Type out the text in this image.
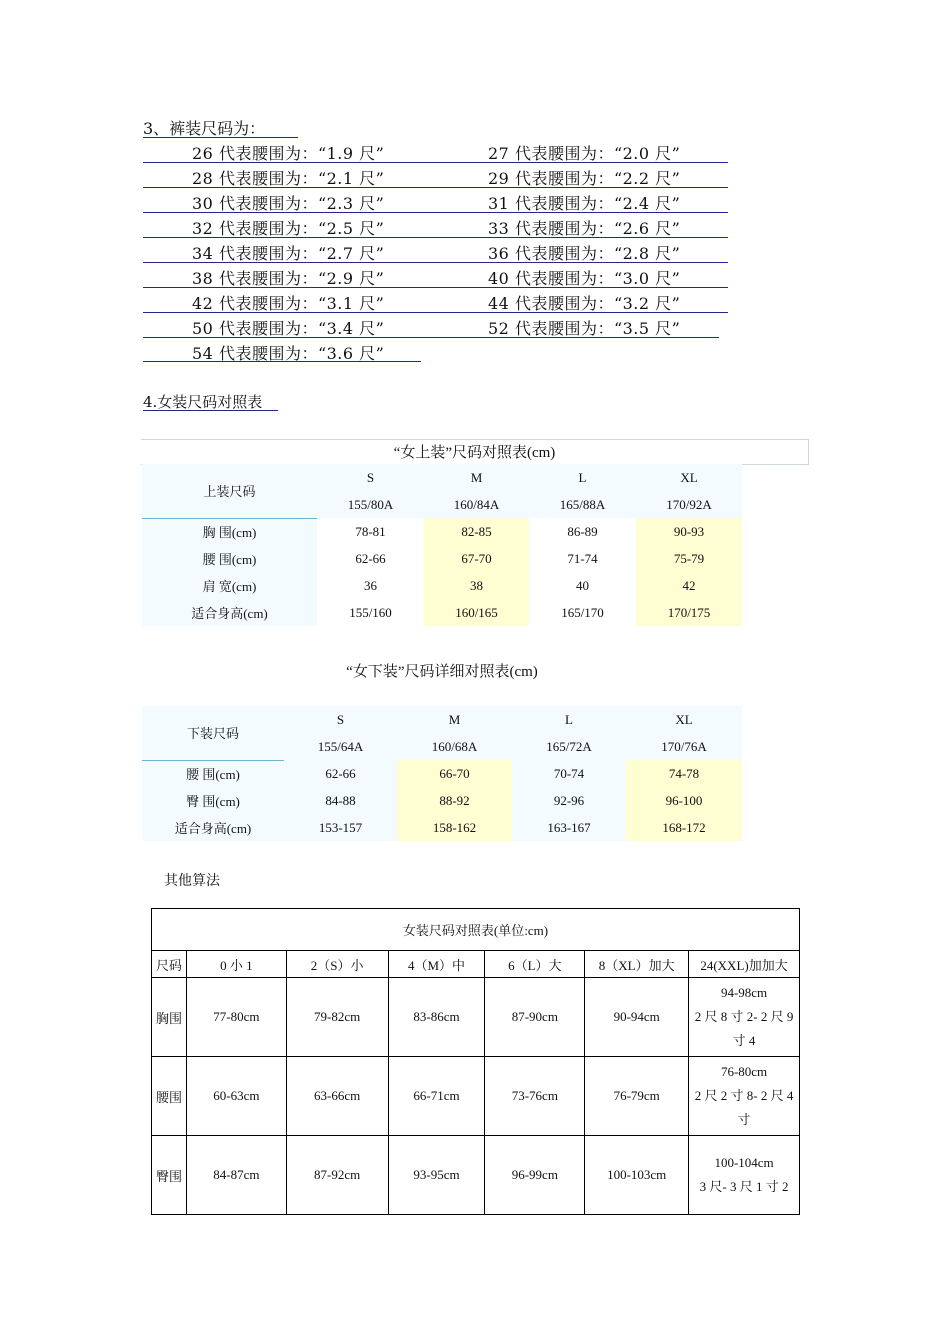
3、裤装尺码为：
26 代表腰围为：“1.9 尺”	27 代表腰围为：“2.0 尺”
28 代表腰围为：“2.1 尺”	29 代表腰围为：“2.2 尺”
30 代表腰围为：“2.3 尺”	31 代表腰围为：“2.4 尺”
32 代表腰围为：“2.5 尺”	33 代表腰围为：“2.6 尺”
34 代表腰围为：“2.7 尺”	36 代表腰围为：“2.8 尺”
38 代表腰围为：“2.9 尺”	40 代表腰围为：“3.0 尺”
42 代表腰围为：“3.1 尺”	44 代表腰围为：“3.2 尺”
50 代表腰围为：“3.4 尺”	52 代表腰围为：“3.5 尺”
54 代表腰围为：“3.6 尺”
4.女装尺码对照表
“女上装”尺码对照表(cm)
上装尺码	S	M	L	XL
	155/80A	160/84A	165/88A	170/92A
胸 围(cm)	78-81	82-85	86-89	90-93
腰 围(cm)	62-66	67-70	71-74	75-79
肩 宽(cm)	36	38	40	42
适合身高(cm)	155/160	160/165	165/170	170/175
“女下装”尺码详细对照表(cm)
下装尺码	S	M	L	XL
	155/64A	160/68A	165/72A	170/76A
腰 围(cm)	62-66	66-70	70-74	74-78
臀 围(cm)	84-88	88-92	92-96	96-100
适合身高(cm)	153-157	158-162	163-167	168-172
其他算法
女装尺码对照表(单位:cm)						
尺码	0 小 1	2（S）小	4（M）中	6（L）大	8（XL）加大	24(XXL)加加大
胸围	77-80cm	79-82cm	83-86cm	87-90cm	90-94cm	94-98cm
2 尺 8 寸 2- 2 尺 9
寸 4

腰围	60-63cm	63-66cm	66-71cm	73-76cm	76-79cm	76-80cm
2 尺 2 寸 8- 2 尺 4
寸

臀围	84-87cm	87-92cm	93-95cm	96-99cm	100-103cm	100-104cm
3 尺- 3 尺 1 寸 2
